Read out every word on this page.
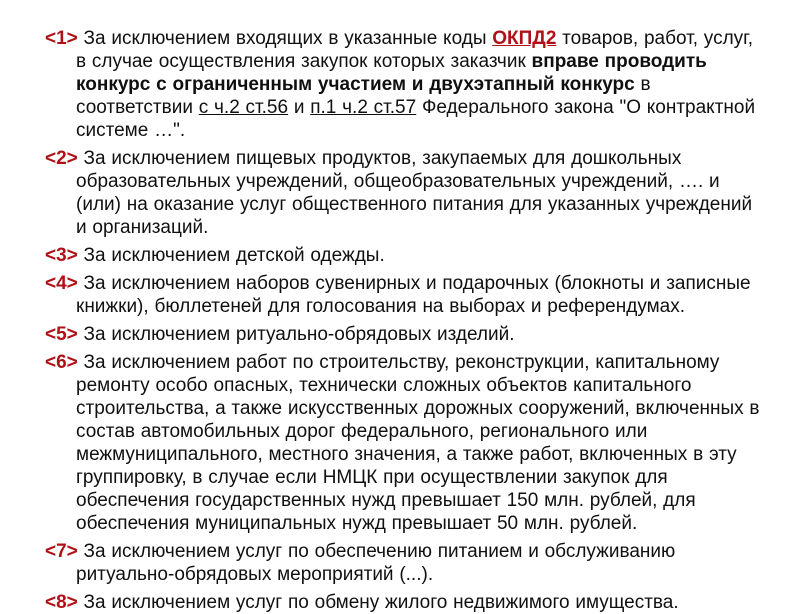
<1> За исключением входящих в указанные коды ОКПД2 товаров, работ, услуг, в случае осуществления закупок которых заказчик вправе проводить конкурс с ограниченным участием и двухэтапный конкурс в соответствии с ч.2 ст.56 и п.1 ч.2 ст.57 Федерального закона "О контрактной системе …".

<2> За исключением пищевых продуктов, закупаемых для дошкольных образовательных учреждений, общеобразовательных учреждений, …. и (или) на оказание услуг общественного питания для указанных учреждений и организаций.

<3> За исключением детской одежды.

<4> За исключением наборов сувенирных и подарочных (блокноты и записные книжки), бюллетеней для голосования на выборах и референдумах.

<5> За исключением ритуально-обрядовых изделий.

<6> За исключением работ по строительству, реконструкции, капитальному ремонту особо опасных, технически сложных объектов капитального строительства, а также искусственных дорожных сооружений, включенных в состав автомобильных дорог федерального, регионального или межмуниципального, местного значения, а также работ, включенных в эту группировку, в случае если НМЦК при осуществлении закупок для обеспечения государственных нужд превышает 150 млн. рублей, для обеспечения муниципальных нужд превышает 50 млн. рублей.

<7> За исключением услуг по обеспечению питанием и обслуживанию ритуально-обрядовых мероприятий (...).

<8> За исключением услуг по обмену жилого недвижимого имущества.
